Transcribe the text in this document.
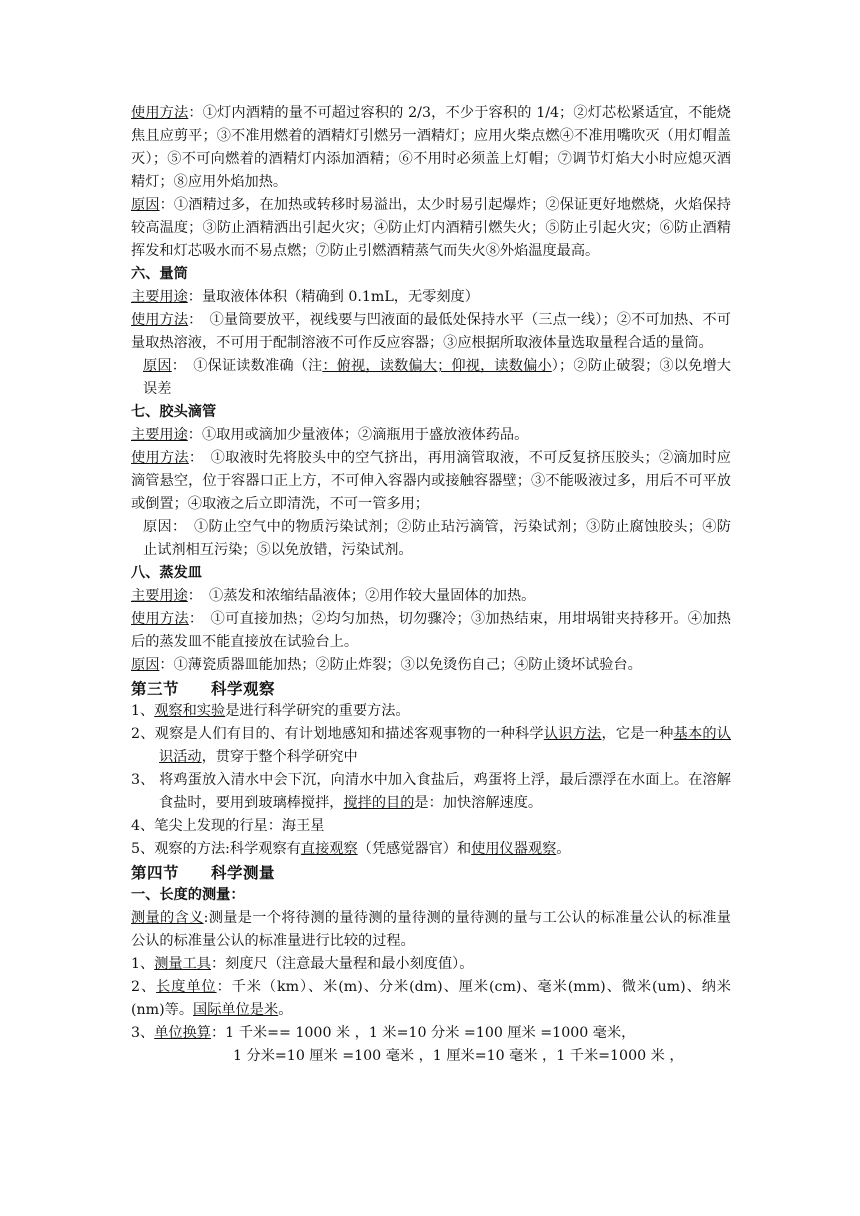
使用方法：①灯内酒精的量不可超过容积的 2/3，不少于容积的 1/4；②灯芯松紧适宜，不能烧焦且应剪平；③不准用燃着的酒精灯引燃另一酒精灯；应用火柴点燃④不准用嘴吹灭（用灯帽盖灭）；⑤不可向燃着的酒精灯内添加酒精；⑥不用时必须盖上灯帽；⑦调节灯焰大小时应熄灭酒精灯；⑧应用外焰加热。

原因：①酒精过多，在加热或转移时易溢出，太少时易引起爆炸；②保证更好地燃烧，火焰保持较高温度；③防止酒精洒出引起火灾；④防止灯内酒精引燃失火；⑤防止引起火灾；⑥防止酒精挥发和灯芯吸水而不易点燃；⑦防止引燃酒精蒸气而失火⑧外焰温度最高。

六、量筒

主要用途：量取液体体积（精确到 0.1mL，无零刻度）

使用方法：　①量筒要放平，视线要与凹液面的最低处保持水平（三点一线）；②不可加热、不可量取热溶液，不可用于配制溶液不可作反应容器；③应根据所取液体量选取量程合适的量筒。

原因：　①保证读数准确（注：俯视，读数偏大；仰视，读数偏小）；②防止破裂；③以免增大误差

七、胶头滴管

主要用途：①取用或滴加少量液体；②滴瓶用于盛放液体药品。

使用方法：　①取液时先将胶头中的空气挤出，再用滴管取液，不可反复挤压胶头；②滴加时应滴管悬空，位于容器口正上方，不可伸入容器内或接触容器壁；③不能吸液过多，用后不可平放或倒置；④取液之后立即清洗，不可一管多用；

原因：　①防止空气中的物质污染试剂；②防止玷污滴管，污染试剂；③防止腐蚀胶头；④防止试剂相互污染；⑤以免放错，污染试剂。

八、蒸发皿

主要用途：　①蒸发和浓缩结晶液体；②用作较大量固体的加热。

使用方法：　①可直接加热；②均匀加热，切勿骤冷；③加热结束，用坩埚钳夹持移开。④加热后的蒸发皿不能直接放在试验台上。

原因：①薄瓷质器皿能加热；②防止炸裂；③以免烫伤自己；④防止烫坏试验台。

第三节　　科学观察

1、观察和实验是进行科学研究的重要方法。

2、观察是人们有目的、有计划地感知和描述客观事物的一种科学认识方法，它是一种基本的认识活动，贯穿于整个科学研究中

3、 将鸡蛋放入清水中会下沉，向清水中加入食盐后，鸡蛋将上浮，最后漂浮在水面上。在溶解食盐时，要用到玻璃棒搅拌，搅拌的目的是：加快溶解速度。

4、笔尖上发现的行星：海王星

5、观察的方法:科学观察有直接观察（凭感觉器官）和使用仪器观察。

第四节　　科学测量

一、长度的测量：

测量的含义:测量是一个将待测的量待测的量待测的量待测的量与工公认的标准量公认的标准量公认的标准量公认的标准量进行比较的过程。

1、测量工具：刻度尺（注意最大量程和最小刻度值）。

2、长度单位：千米（km）、米(m)、分米(dm)、厘米(cm)、毫米(mm)、微米(um)、纳米(nm)等。国际单位是米。

3、单位换算：1 千米== 1000 米 ，1 米=10 分米 =100 厘米 =1000 毫米，

1 分米=10 厘米 =100 毫米 ，1 厘米=10 毫米 ，1 千米=1000 米 ，
